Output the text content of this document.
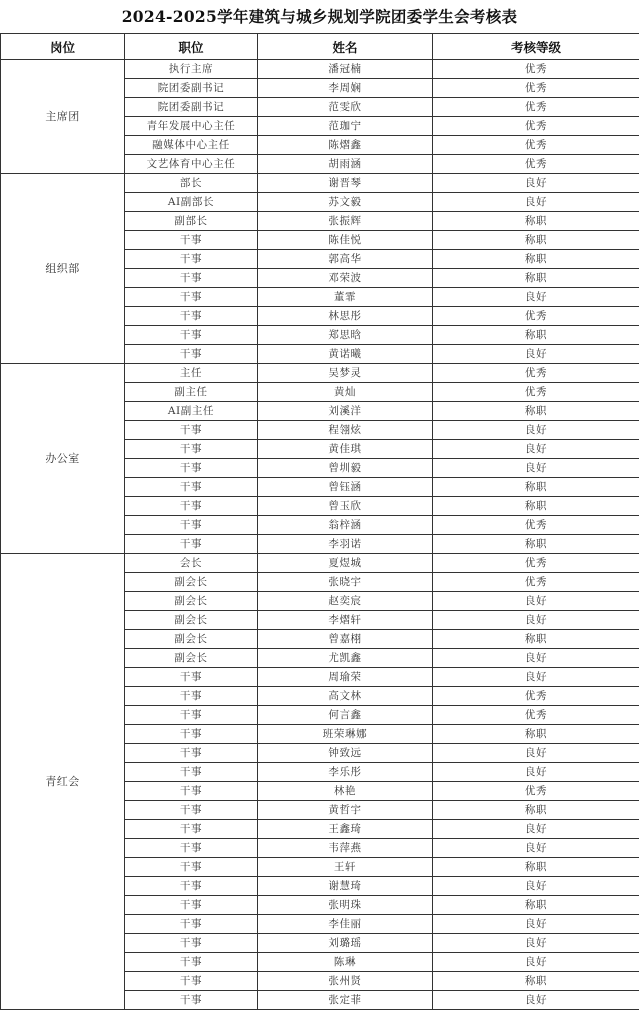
2024-2025学年建筑与城乡规划学院团委学生会考核表
岗位	职位	姓名	考核等级
主席团	执行主席	潘冠楠	优秀
	院团委副书记	李周娴	优秀
	院团委副书记	范雯欣	优秀
	青年发展中心主任	范珈宁	优秀
	融媒体中心主任	陈熠鑫	优秀
	文艺体育中心主任	胡雨涵	优秀
组织部	部长	谢晋琴	良好
	AI副部长	苏文毅	良好
	副部长	张振辉	称职
	干事	陈佳悦	称职
	干事	郭高华	称职
	干事	邓荣波	称职
	干事	董霏	良好
	干事	林思彤	优秀
	干事	郑思晗	称职
	干事	黄诺曦	良好
办公室	主任	吴梦灵	优秀
	副主任	黄灿	优秀
	AI副主任	刘溪洋	称职
	干事	程翎炫	良好
	干事	黄佳琪	良好
	干事	曾圳毅	良好
	干事	曾钰涵	称职
	干事	曾玉欣	称职
	干事	翁梓涵	优秀
	干事	李羽诺	称职
青红会	会长	夏煜城	优秀
	副会长	张晓宇	优秀
	副会长	赵奕宸	良好
	副会长	李熠轩	良好
	副会长	曾嘉栩	称职
	副会长	尤凯鑫	良好
	干事	周瑜荣	良好
	干事	高文林	优秀
	干事	何言鑫	优秀
	干事	班荣琳娜	称职
	干事	钟致远	良好
	干事	李乐彤	良好
	干事	林艳	优秀
	干事	黄哲宇	称职
	干事	王鑫琦	良好
	干事	韦萍燕	良好
	干事	王轩	称职
	干事	谢慧琦	良好
	干事	张明珠	称职
	干事	李佳丽	良好
	干事	刘璐瑶	良好
	干事	陈琳	良好
	干事	张州贤	称职
	干事	张定菲	良好
